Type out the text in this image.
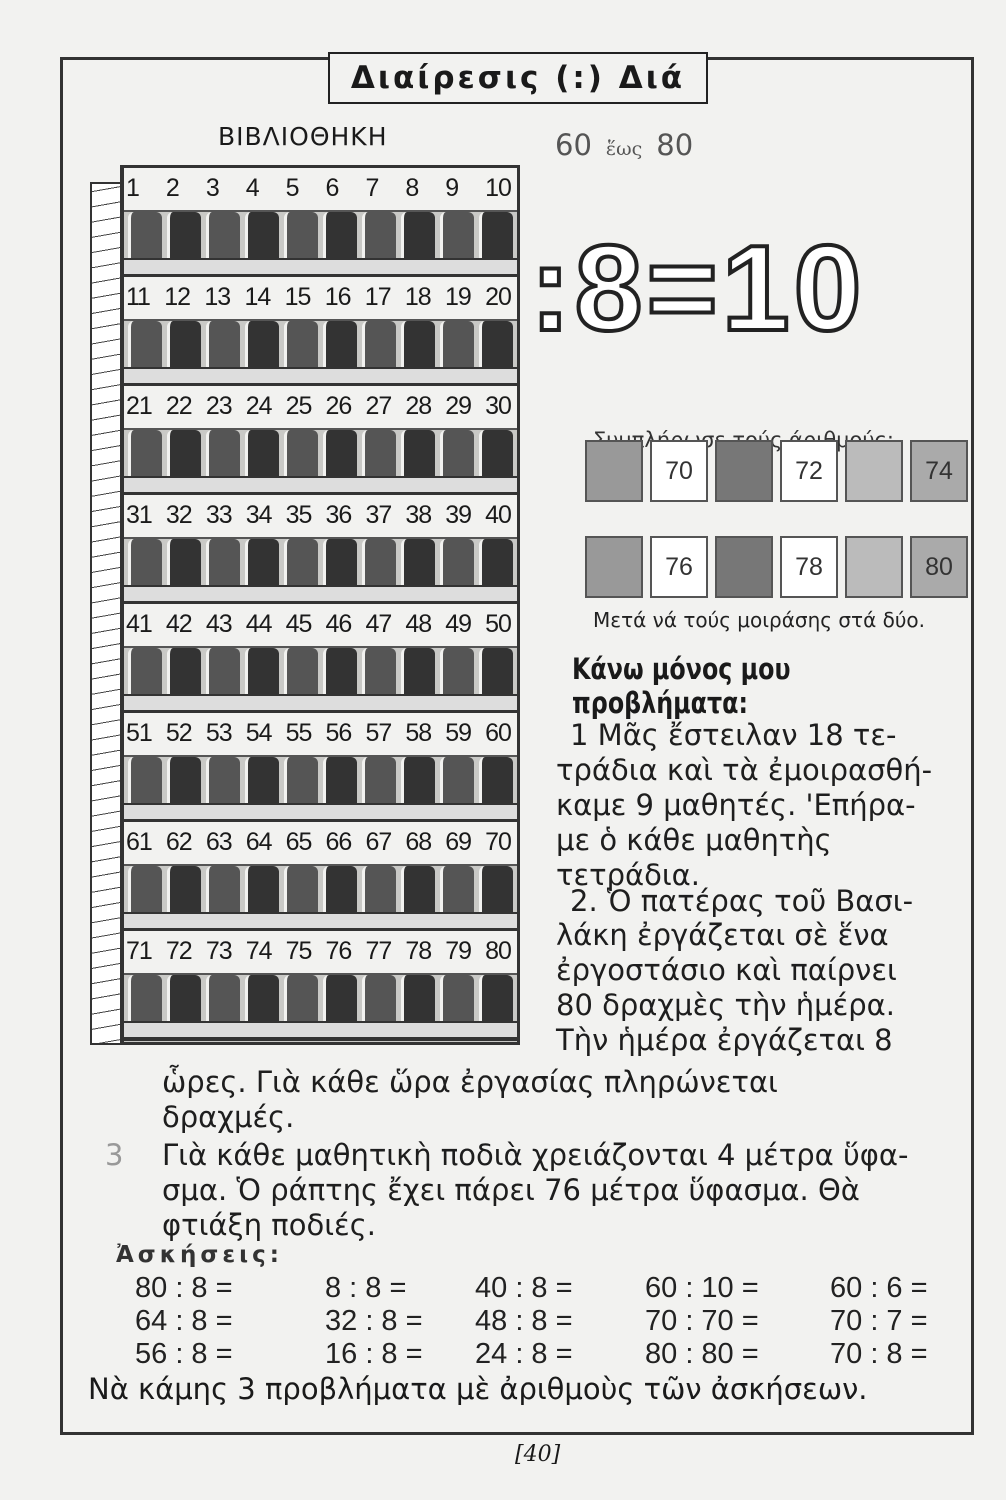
Διαίρεσις (:) Διά
ΒΙΒΛΙΟΘΗΚΗ	60 ἕως 80
1 2 3 4 5 6 7 8 9 10
11 12 13 14 15 16 17 18 19 20
21 22 23 24 25 26 27 28 29 30
31 32 33 34 35 36 37 38 39 40
41 42 43 44 45 46 47 48 49 50
51 52 53 54 55 56 57 58 59 60
61 62 63 64 65 66 67 68 69 70
71 72 73 74 75 76 77 78 79 80
:8=10
άριθμούς:
70	72	74
76	78	80
Μετά νά τούς μοιράσης στά δύο.
Κάνω μόνος μου προβλήματα:
1 Μᾶς ἔστειλαν 18 τε-
τράδια καὶ τὰ ἐμοιρασθή-
καμε 9 μαθητές. 'Επήρα-
με ὁ κάθε μαθητὴς
τετράδια.
2. Ὁ πατέρας τοῦ Βασι-
λάκη ἐργάζεται σὲ ἕνα
ἐργοστάσιο καὶ παίρνει
80 δραχμὲς τὴν ἡμέρα.
Τὴν ἡμέρα ἐργάζεται 8
ὧρες. Γιὰ κάθε ὥρα ἐργασίας πληρώνεται
δραχμές.
Γιὰ κάθε μαθητικὴ ποδιὰ χρειάζονται 4 μέτρα ὕφα-
σμα. Ὁ ράπτης ἔχει πάρει 76 μέτρα ὕφασμα. Θὰ
φτιάξη ποδιές.
3
Ἀσκήσεις:
80 : 8 =	8 : 8 = 40 : 8 = 60 : 10 = 60 : 6 =
64 : 8 =	32 : 8 = 48 : 8 = 70 : 70 = 70 : 7 =
56 : 8 =	16 : 8 = 24 : 8 = 80 : 80 = 70 : 8 =
Νὰ κάμης 3 προβλήματα μὲ ἀριθμοὺς τῶν ἀσκήσεων.
[40]
